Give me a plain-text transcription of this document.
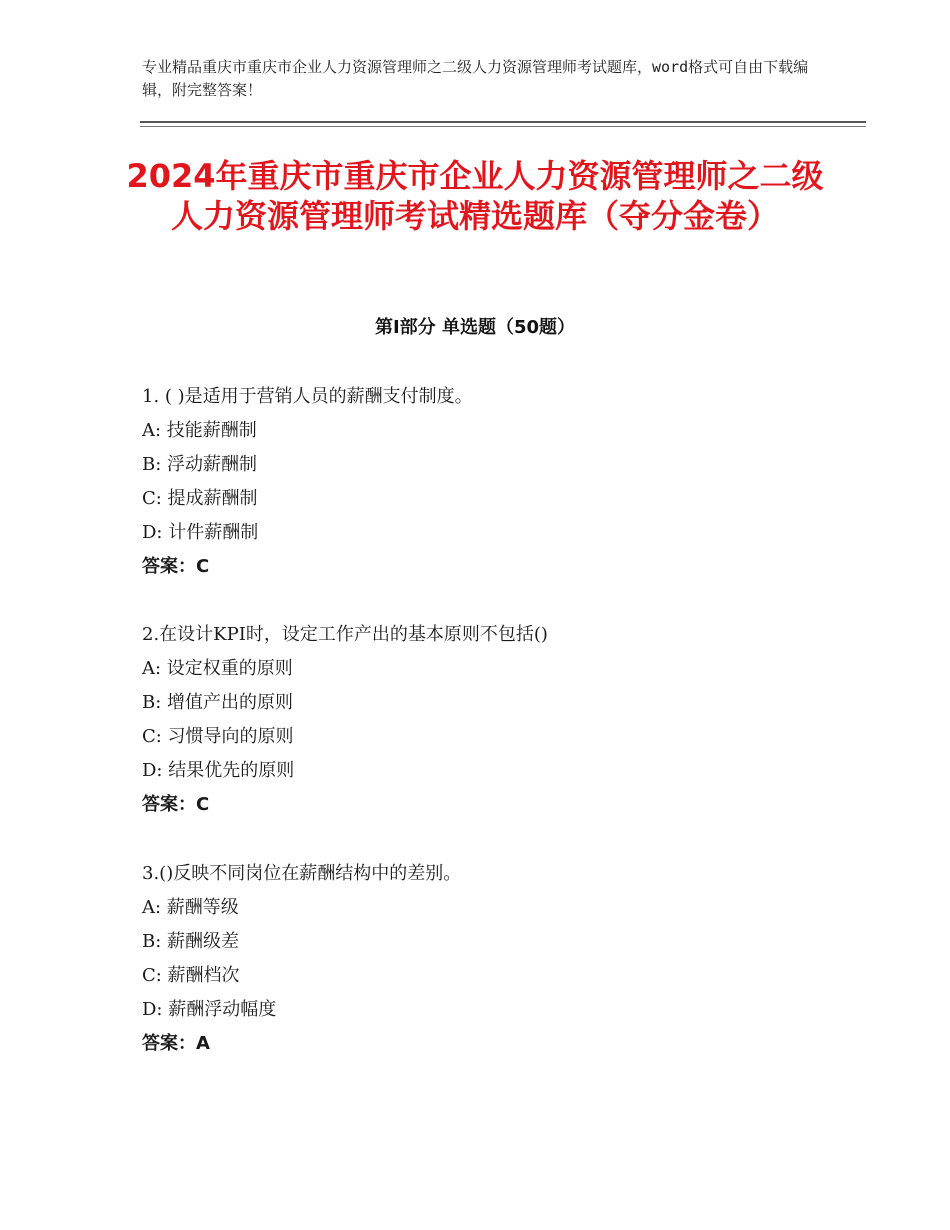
专业精品重庆市重庆市企业人力资源管理师之二级人力资源管理师考试题库，word格式可自由下载编辑，附完整答案！

2024年重庆市重庆市企业人力资源管理师之二级人力资源管理师考试精选题库（夺分金卷）
第Ⅰ部分 单选题（50题）
1. ( )是适用于营销人员的薪酬支付制度。
A: 技能薪酬制
B: 浮动薪酬制
C: 提成薪酬制
D: 计件薪酬制
答案：C
2.在设计KPI时，设定工作产出的基本原则不包括()
A: 设定权重的原则
B: 增值产出的原则
C: 习惯导向的原则
D: 结果优先的原则
答案：C
3.()反映不同岗位在薪酬结构中的差别。
A: 薪酬等级
B: 薪酬级差
C: 薪酬档次
D: 薪酬浮动幅度
答案：A
